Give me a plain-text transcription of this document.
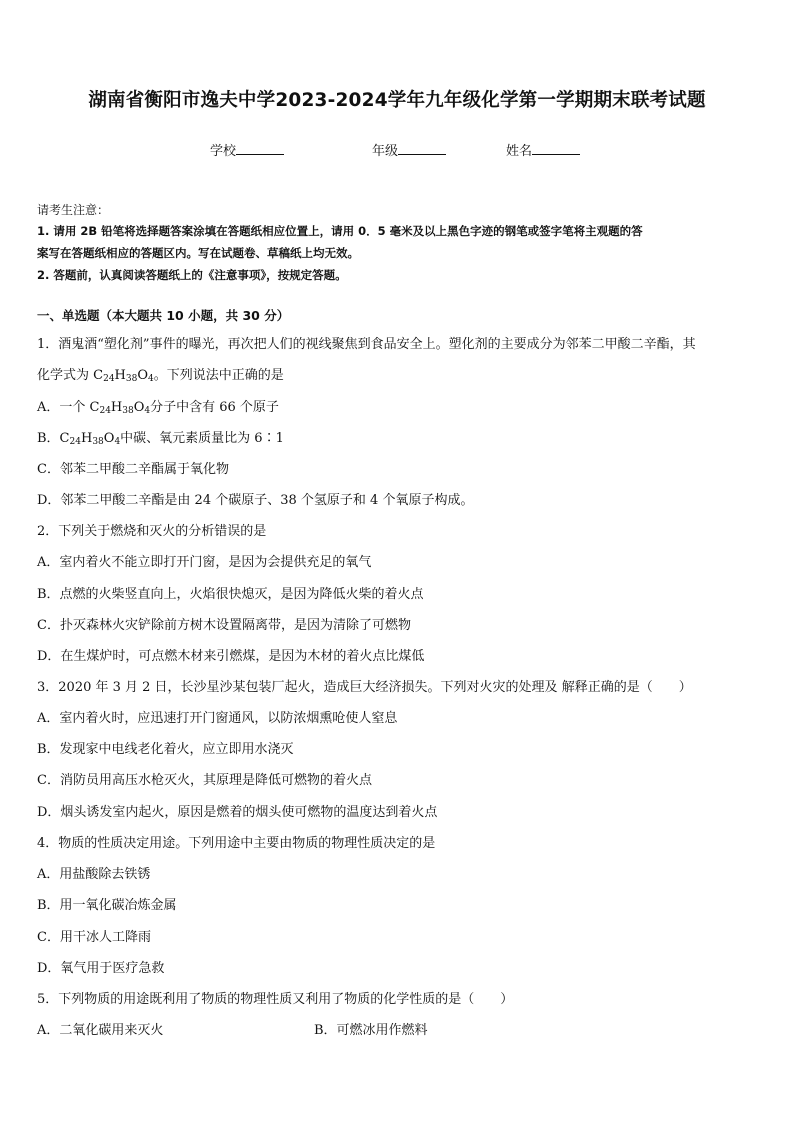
湖南省衡阳市逸夫中学2023-2024学年九年级化学第一学期期末联考试题
学校	年级	姓名
请考生注意：
1. 请用 2B 铅笔将选择题答案涂填在答题纸相应位置上，请用 0．5 毫米及以上黑色字迹的钢笔或签字笔将主观题的答
案写在答题纸相应的答题区内。写在试题卷、草稿纸上均无效。
2. 答题前，认真阅读答题纸上的《注意事项》，按规定答题。
一、单选题（本大题共 10 小题，共 30 分）
1．酒鬼酒“塑化剂”事件的曝光，再次把人们的视线聚焦到食品安全上。塑化剂的主要成分为邻苯二甲酸二辛酯，其
化学式为 $C_{24}H_{38}O_4$。下列说法中正确的是
A．一个 $C_{24}H_{38}O_4$分子中含有 66 个原子
B．$C_{24}H_{38}O_4$中碳、氧元素质量比为 6∶1
C．邻苯二甲酸二辛酯属于氧化物
D．邻苯二甲酸二辛酯是由 24 个碳原子、38 个氢原子和 4 个氧原子构成。
2．下列关于燃烧和灭火的分析错误的是
A．室内着火不能立即打开门窗，是因为会提供充足的氧气
B．点燃的火柴竖直向上，火焰很快熄灭，是因为降低火柴的着火点
C．扑灭森林火灾铲除前方树木设置隔离带，是因为清除了可燃物
D．在生煤炉时，可点燃木材来引燃煤，是因为木材的着火点比煤低
3．2020 年 3 月 2 日，长沙星沙某包装厂起火，造成巨大经济损失。下列对火灾的处理及 解释正确的是（　　）
A．室内着火时，应迅速打开门窗通风，以防浓烟熏呛使人窒息
B．发现家中电线老化着火，应立即用水浇灭
C．消防员用高压水枪灭火，其原理是降低可燃物的着火点
D．烟头诱发室内起火，原因是燃着的烟头使可燃物的温度达到着火点
4．物质的性质决定用途。下列用途中主要由物质的物理性质决定的是
A．用盐酸除去铁锈
B．用一氧化碳冶炼金属
C．用干冰人工降雨
D．氧气用于医疗急救
5．下列物质的用途既利用了物质的物理性质又利用了物质的化学性质的是（　　）
A．二氧化碳用来灭火	B．可燃冰用作燃料
